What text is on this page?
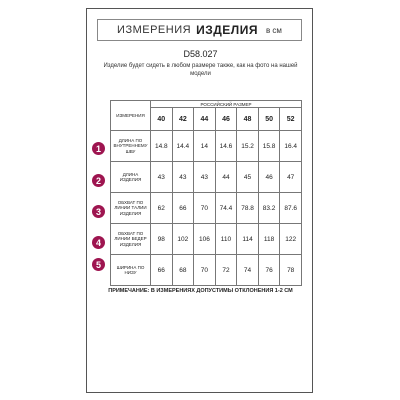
ИЗМЕРЕНИЯ ИЗДЕЛИЯ в см
D58.027
Изделие будет сидеть в любом размере также, как на фото на нашей модели
1
2
3
4
5
ИЗМЕРЕНИЯ	РОССИЙСКИЙ РАЗМЕР						
	40	42	44	46	48	50	52
ДЛИНА ПО ВНУТРЕННЕМУ ШВУ	14.8	14.4	14	14.6	15.2	15.8	16.4
ДЛИНА ИЗДЕЛИЯ	43	43	43	44	45	46	47
ОБХВАТ ПО ЛИНИИ ТАЛИИ ИЗДЕЛИЯ	62	66	70	74.4	78.8	83.2	87.6
ОБХВАТ ПО ЛИНИИ БЕДЕР ИЗДЕЛИЯ	98	102	106	110	114	118	122
ШИРИНА ПО НИЗУ	66	68	70	72	74	76	78
ПРИМЕЧАНИЕ: В ИЗМЕРЕНИЯХ ДОПУСТИМЫ ОТКЛОНЕНИЯ 1-2 СМ
